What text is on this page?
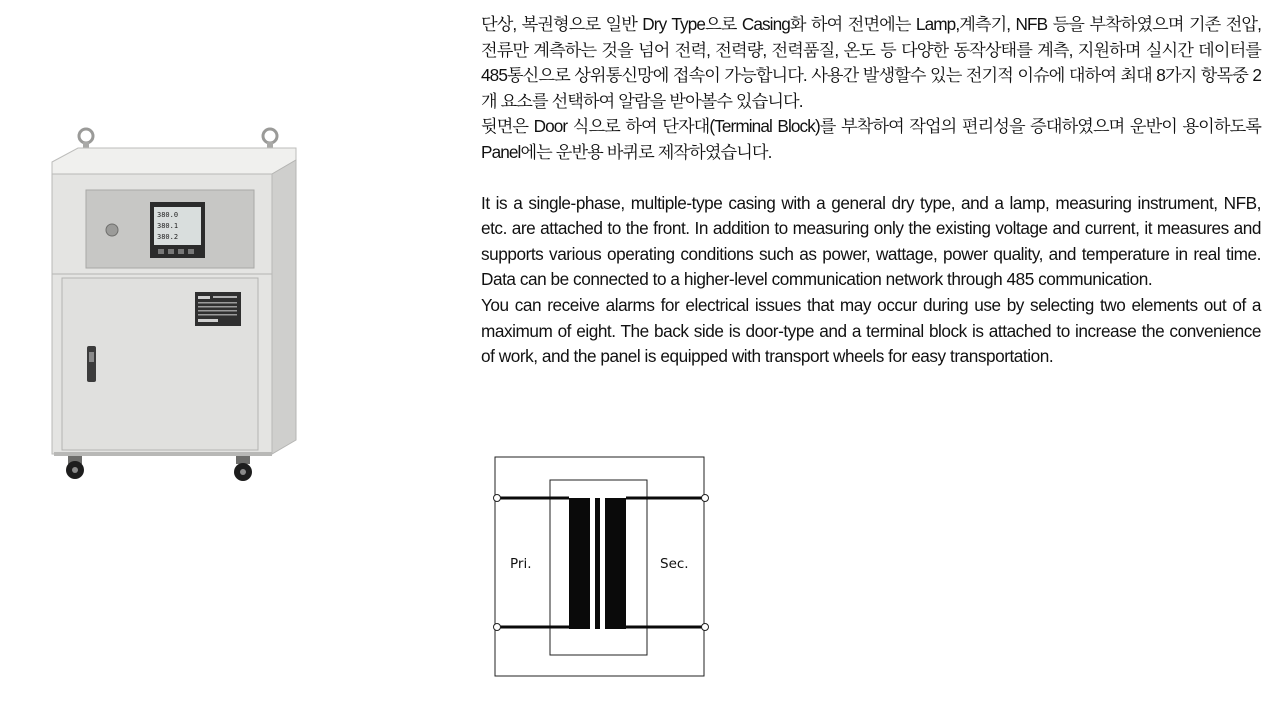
380.0
380.1
380.2

단상, 복권형으로 일반 Dry Type으로 Casing화 하여 전면에는 Lamp,계측기, NFB 등을 부착하였으며 기존 전압, 전류만 계측하는 것을 넘어 전력, 전력량, 전력품질, 온도 등 다양한 동작상태를 계측, 지원하며 실시간 데이터를 485통신으로 상위통신망에 접속이 가능합니다. 사용간 발생할수 있는 전기적 이슈에 대하여 최대 8가지 항목중 2개 요소를 선택하여 알람을 받아볼수 있습니다.

뒷면은 Door 식으로 하여 단자대(Terminal Block)를 부착하여 작업의 편리성을 증대하였으며 운반이 용이하도록 Panel에는 운반용 바퀴로 제작하였습니다.

It is a single-phase, multiple-type casing with a general dry type, and a lamp, measuring instrument, NFB, etc. are attached to the front. In addition to measuring only the existing voltage and current, it measures and supports various operating conditions such as power, wattage, power quality, and temperature in real time. Data can be connected to a higher-level communication network through 485 communication.

You can receive alarms for electrical issues that may occur during use by selecting two elements out of a maximum of eight. The back side is door-type and a terminal block is attached to increase the convenience of work, and the panel is equipped with transport wheels for easy transportation.

Pri.	Sec.
